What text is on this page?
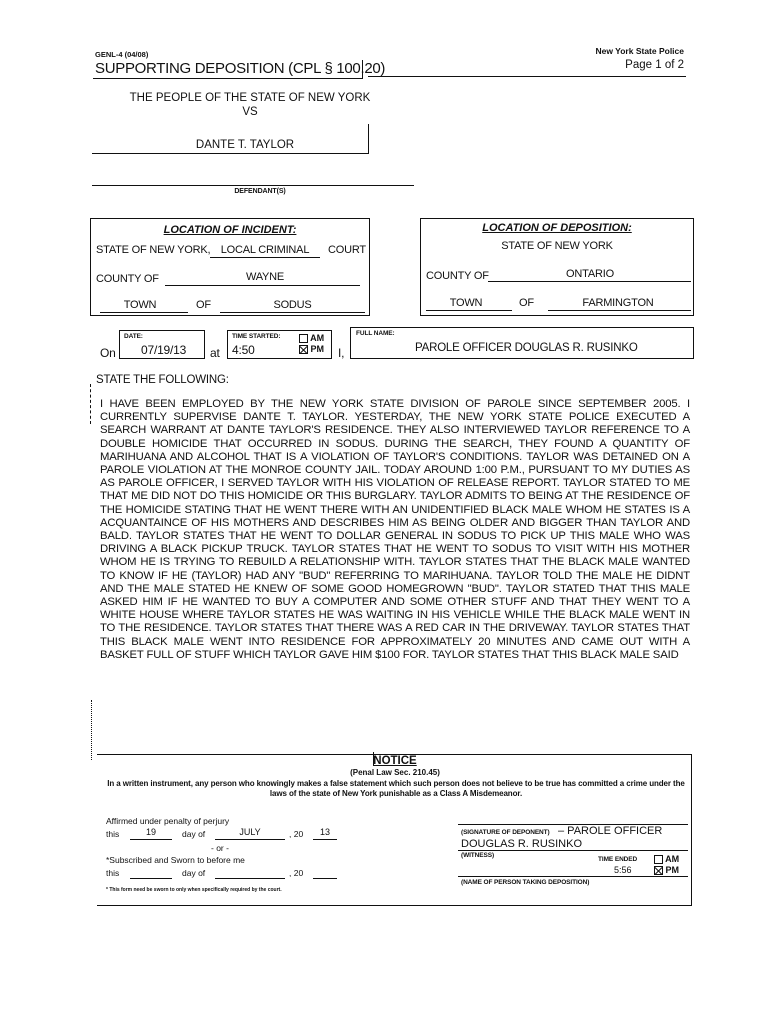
GENL-4 (04/08)	New York State Police
SUPPORTING DEPOSITION (CPL § 100.20)	Page 1 of 2
THE PEOPLE OF THE STATE OF NEW YORK
VS
DANTE T. TAYLOR
DEFENDANT(S)
LOCATION OF INCIDENT:
STATE OF NEW YORK, LOCAL CRIMINAL	COURT
COUNTY OF	WAYNE
TOWN	OF	SODUS
LOCATION OF DEPOSITION:
STATE OF NEW YORK
COUNTY OF	ONTARIO
TOWN	OF	FARMINGTON
On
DATE:
07/19/13 at
TIME STARTED:
4:50
AM
PM I,
FULL NAME:
PAROLE OFFICER DOUGLAS R. RUSINKO
STATE THE FOLLOWING:
I HAVE BEEN EMPLOYED BY THE NEW YORK STATE DIVISION OF PAROLE SINCE SEPTEMBER 2005. I CURRENTLY SUPERVISE DANTE T. TAYLOR. YESTERDAY, THE NEW YORK STATE POLICE EXECUTED A SEARCH WARRANT AT DANTE TAYLOR'S RESIDENCE. THEY ALSO INTERVIEWED TAYLOR REFERENCE TO A DOUBLE HOMICIDE THAT OCCURRED IN SODUS. DURING THE SEARCH, THEY FOUND A QUANTITY OF MARIHUANA AND ALCOHOL THAT IS A VIOLATION OF TAYLOR'S CONDITIONS. TAYLOR WAS DETAINED ON A PAROLE VIOLATION AT THE MONROE COUNTY JAIL. TODAY AROUND 1:00 P.M., PURSUANT TO MY DUTIES AS AS PAROLE OFFICER, I SERVED TAYLOR WITH HIS VIOLATION OF RELEASE REPORT. TAYLOR STATED TO ME THAT ME DID NOT DO THIS HOMICIDE OR THIS BURGLARY. TAYLOR ADMITS TO BEING AT THE RESIDENCE OF THE HOMICIDE STATING THAT HE WENT THERE WITH AN UNIDENTIFIED BLACK MALE WHOM HE STATES IS A ACQUANTAINCE OF HIS MOTHERS AND DESCRIBES HIM AS BEING OLDER AND BIGGER THAN TAYLOR AND BALD. TAYLOR STATES THAT HE WENT TO DOLLAR GENERAL IN SODUS TO PICK UP THIS MALE WHO WAS DRIVING A BLACK PICKUP TRUCK. TAYLOR STATES THAT HE WENT TO SODUS TO VISIT WITH HIS MOTHER WHOM HE IS TRYING TO REBUILD A RELATIONSHIP WITH. TAYLOR STATES THAT THE BLACK MALE WANTED TO KNOW IF HE (TAYLOR) HAD ANY "BUD" REFERRING TO MARIHUANA. TAYLOR TOLD THE MALE HE DIDNT AND THE MALE STATED HE KNEW OF SOME GOOD HOMEGROWN "BUD". TAYLOR STATED THAT THIS MALE ASKED HIM IF HE WANTED TO BUY A COMPUTER AND SOME OTHER STUFF AND THAT THEY WENT TO A WHITE HOUSE WHERE TAYLOR STATES HE WAS WAITING IN HIS VEHICLE WHILE THE BLACK MALE WENT IN TO THE RESIDENCE. TAYLOR STATES THAT THERE WAS A RED CAR IN THE DRIVEWAY. TAYLOR STATES THAT THIS BLACK MALE WENT INTO RESIDENCE FOR APPROXIMATELY 20 MINUTES AND CAME OUT WITH A BASKET FULL OF STUFF WHICH TAYLOR GAVE HIM $100 FOR. TAYLOR STATES THAT THIS BLACK MALE SAID
NOTICE
(Penal Law Sec. 210.45)
In a written instrument, any person who knowingly makes a false statement which such person does not believe to be true has committed a crime under the laws of the state of New York punishable as a Class A Misdemeanor.
Affirmed under penalty of perjury
this	19	day of	JULY	, 20	13
- or -
*Subscribed and Sworn to before me
this	day of	, 20
* This form need be sworn to only when specifically required by the court.
(SIGNATURE OF DEPONENT) – PAROLE OFFICER
DOUGLAS R. RUSINKO
(WITNESS)
TIME ENDED
5:56
AM
PM
(NAME OF PERSON TAKING DEPOSITION)
